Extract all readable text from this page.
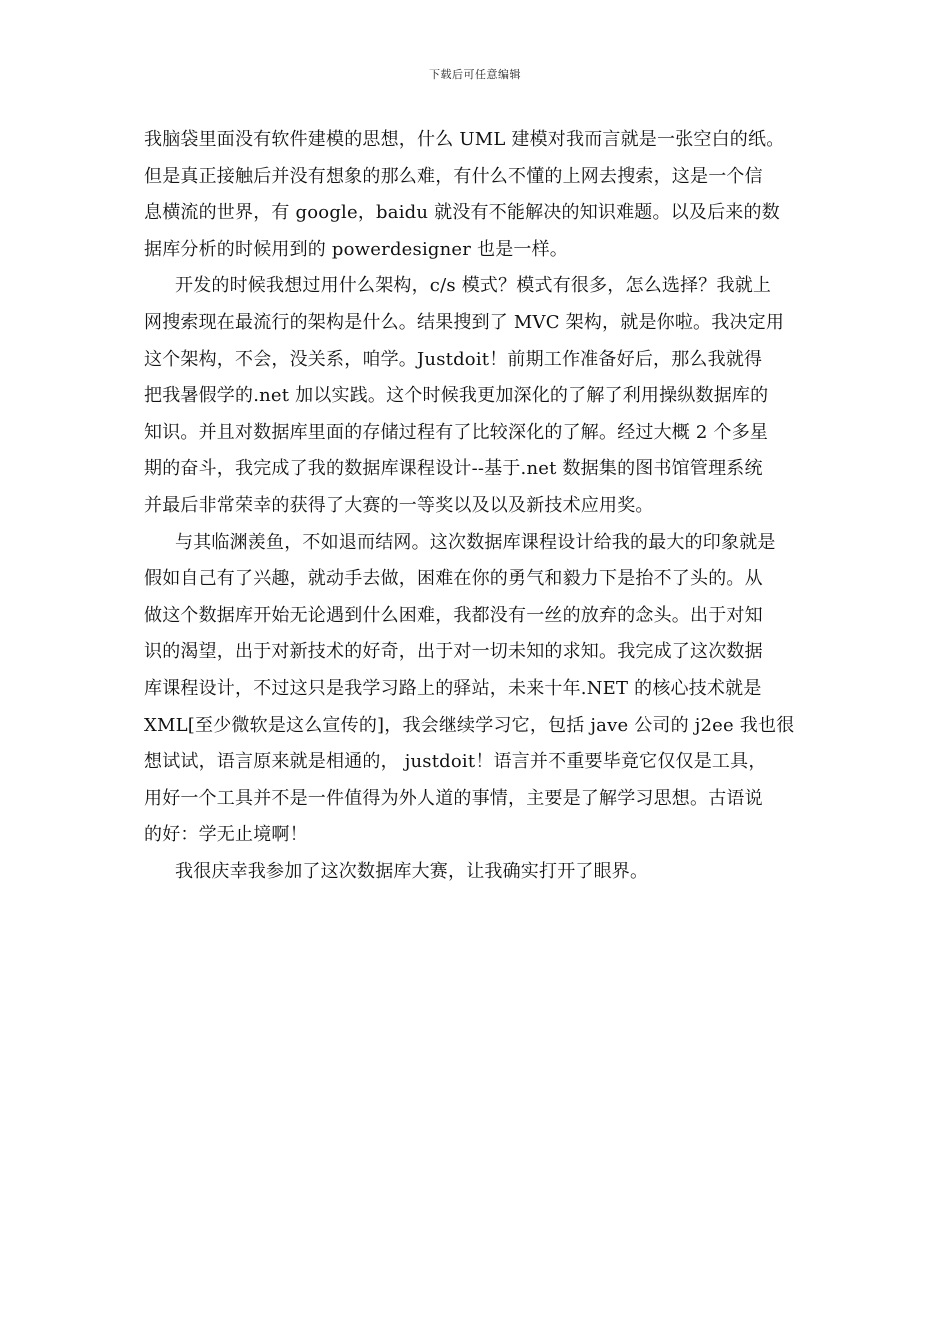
下载后可任意编辑
我脑袋里面没有软件建模的思想，什么 UML 建模对我而言就是一张空白的纸。
但是真正接触后并没有想象的那么难，有什么不懂的上网去搜索，这是一个信
息横流的世界，有 google，baidu 就没有不能解决的知识难题。以及后来的数
据库分析的时候用到的 powerdesigner 也是一样。
开发的时候我想过用什么架构，c/s 模式？模式有很多，怎么选择？我就上
网搜索现在最流行的架构是什么。结果搜到了 MVC 架构，就是你啦。我决定用
这个架构，不会，没关系，咱学。Justdoit！前期工作准备好后，那么我就得
把我暑假学的.net 加以实践。这个时候我更加深化的了解了利用操纵数据库的
知识。并且对数据库里面的存储过程有了比较深化的了解。经过大概 2 个多星
期的奋斗，我完成了我的数据库课程设计--基于.net 数据集的图书馆管理系统
并最后非常荣幸的获得了大赛的一等奖以及以及新技术应用奖。
与其临渊羡鱼，不如退而结网。这次数据库课程设计给我的最大的印象就是
假如自己有了兴趣，就动手去做，困难在你的勇气和毅力下是抬不了头的。从
做这个数据库开始无论遇到什么困难，我都没有一丝的放弃的念头。出于对知
识的渴望，出于对新技术的好奇，出于对一切未知的求知。我完成了这次数据
库课程设计，不过这只是我学习路上的驿站，未来十年.NET 的核心技术就是
XML[至少微软是这么宣传的]，我会继续学习它，包括 jave 公司的 j2ee 我也很
想试试，语言原来就是相通的， justdoit！语言并不重要毕竟它仅仅是工具，
用好一个工具并不是一件值得为外人道的事情，主要是了解学习思想。古语说
的好：学无止境啊！
我很庆幸我参加了这次数据库大赛，让我确实打开了眼界。
